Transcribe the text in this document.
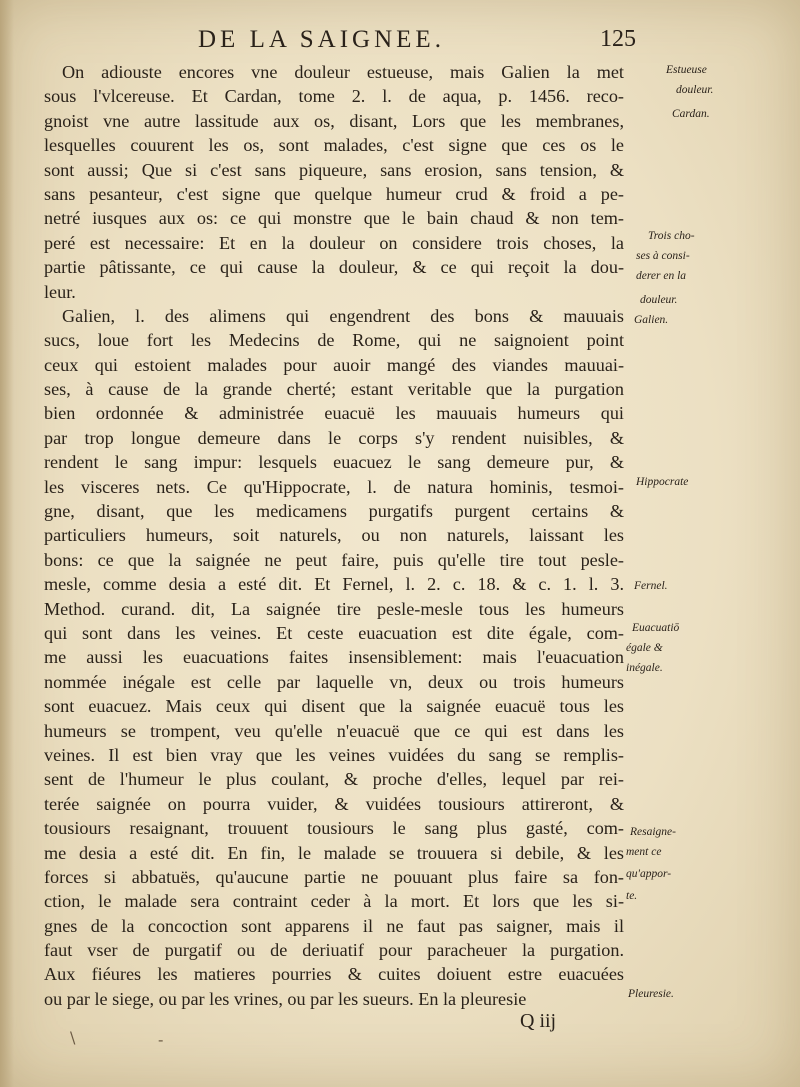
DE LA SAIGNEE.	125
On adiouste encores vne douleur estueuse, mais Galien la met
sous l'vlcereuse. Et Cardan, tome 2. l. de aqua, p. 1456. reco-
gnoist vne autre lassitude aux os, disant, Lors que les membranes,
lesquelles couurent les os, sont malades, c'est signe que ces os le
sont aussi; Que si c'est sans piqueure, sans erosion, sans tension, &
sans pesanteur, c'est signe que quelque humeur crud & froid a pe-
netré iusques aux os: ce qui monstre que le bain chaud & non tem-
peré est necessaire: Et en la douleur on considere trois choses, la
partie pâtissante, ce qui cause la douleur, & ce qui reçoit la dou-
leur.
Galien, l. des alimens qui engendrent des bons & mauuais
sucs, loue fort les Medecins de Rome, qui ne saignoient point
ceux qui estoient malades pour auoir mangé des viandes mauuai-
ses, à cause de la grande cherté; estant veritable que la purgation
bien ordonnée & administrée euacuë les mauuais humeurs qui
par trop longue demeure dans le corps s'y rendent nuisibles, &
rendent le sang impur: lesquels euacuez le sang demeure pur, &
les visceres nets. Ce qu'Hippocrate, l. de natura hominis, tesmoi-
gne, disant, que les medicamens purgatifs purgent certains &
particuliers humeurs, soit naturels, ou non naturels, laissant les
bons: ce que la saignée ne peut faire, puis qu'elle tire tout pesle-
mesle, comme desia a esté dit. Et Fernel, l. 2. c. 18. & c. 1. l. 3.
Method. curand. dit, La saignée tire pesle-mesle tous les humeurs
qui sont dans les veines. Et ceste euacuation est dite égale, com-
me aussi les euacuations faites insensiblement: mais l'euacuation
nommée inégale est celle par laquelle vn, deux ou trois humeurs
sont euacuez. Mais ceux qui disent que la saignée euacuë tous les
humeurs se trompent, veu qu'elle n'euacuë que ce qui est dans les
veines. Il est bien vray que les veines vuidées du sang se remplis-
sent de l'humeur le plus coulant, & proche d'elles, lequel par rei-
terée saignée on pourra vuider, & vuidées tousiours attireront, &
tousiours resaignant, trouuent tousiours le sang plus gasté, com-
me desia a esté dit. En fin, le malade se trouuera si debile, & les
forces si abbatuës, qu'aucune partie ne pouuant plus faire sa fon-
ction, le malade sera contraint ceder à la mort. Et lors que les si-
gnes de la concoction sont apparens il ne faut pas saigner, mais il
faut vser de purgatif ou de deriuatif pour paracheuer la purgation.
Aux fiéures les matieres pourries & cuites doiuent estre euacuées
ou par le siege, ou par les vrines, ou par les sueurs. En la pleuresie
Estueuse
douleur.
Cardan.
Trois cho-
ses à consi-
derer en la
douleur.
Galien.
Hippocrate
Fernel.
Euacuatiō
égale &
inégale.
Resaigne-
ment ce
qu'appor-
te.
Pleuresie.
Q iij
\	-
